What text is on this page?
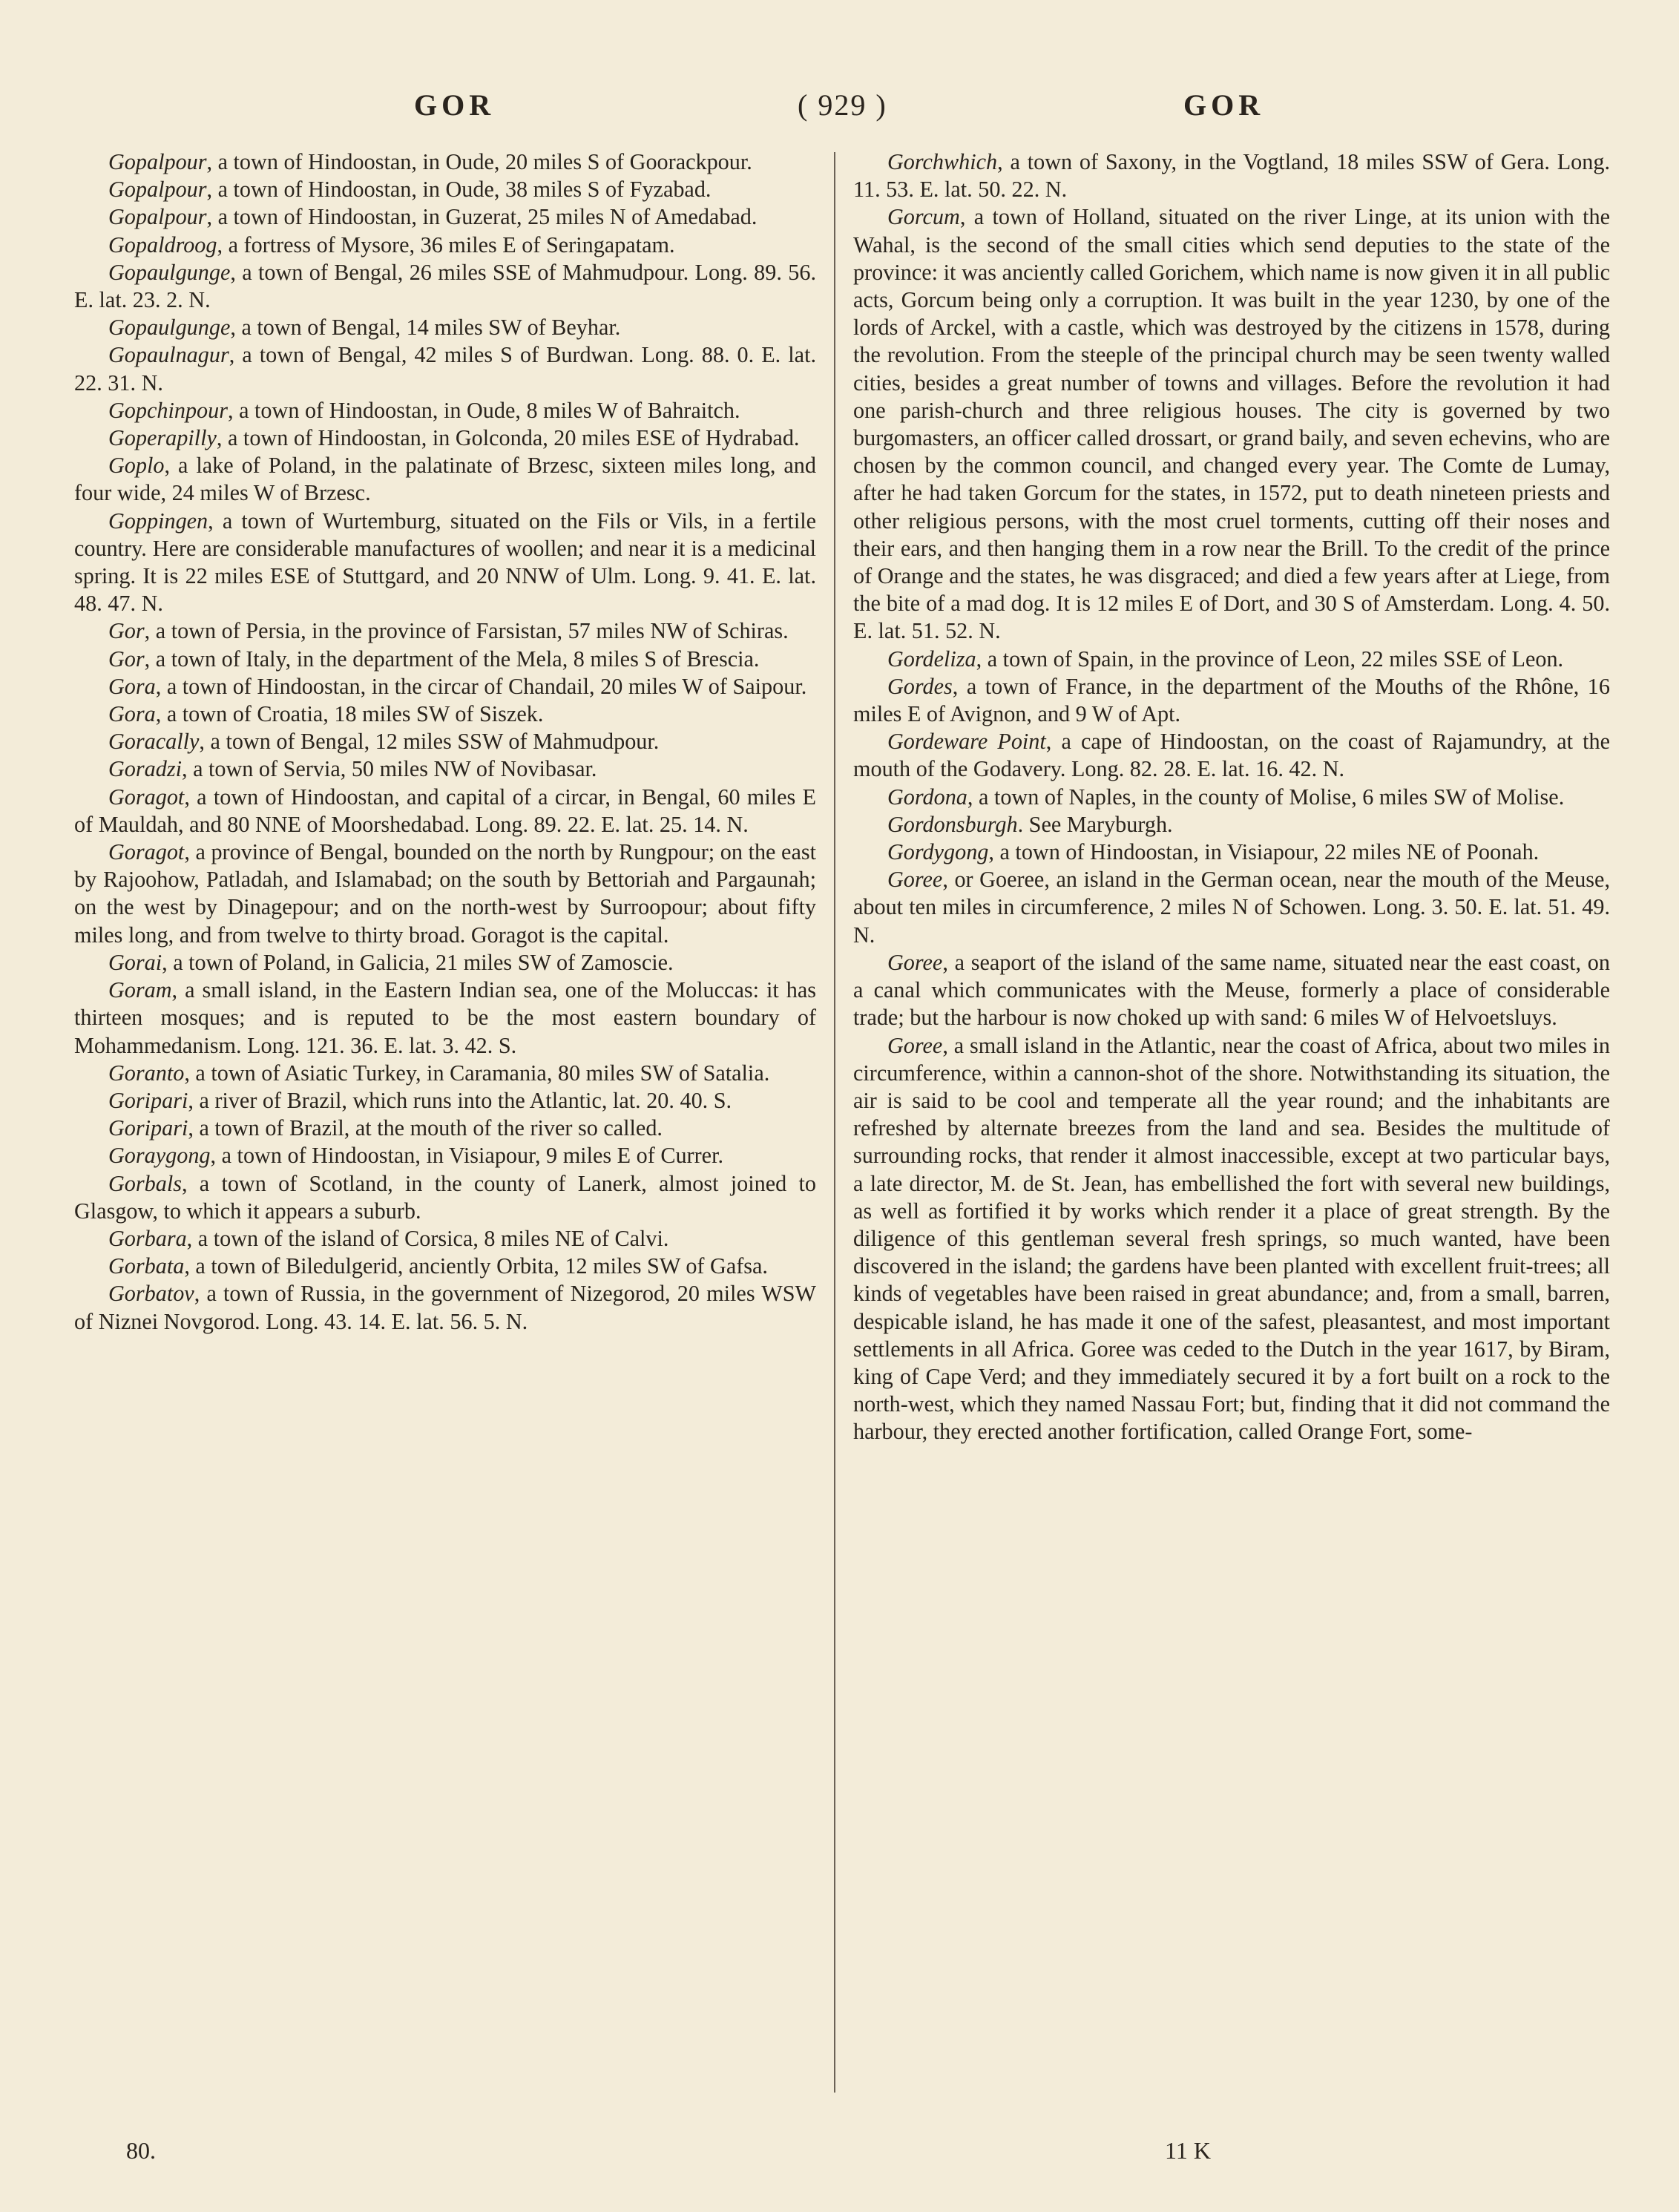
GOR	( 929 )	GOR

Gopalpour, a town of Hindoostan, in Oude, 20 miles S of Goorackpour.

Gopalpour, a town of Hindoostan, in Oude, 38 miles S of Fyzabad.

Gopalpour, a town of Hindoostan, in Guzerat, 25 miles N of Amedabad.

Gopaldroog, a fortress of Mysore, 36 miles E of Seringapatam.

Gopaulgunge, a town of Bengal, 26 miles SSE of Mahmudpour. Long. 89. 56. E. lat. 23. 2. N.

Gopaulgunge, a town of Bengal, 14 miles SW of Beyhar.

Gopaulnagur, a town of Bengal, 42 miles S of Burdwan. Long. 88. 0. E. lat. 22. 31. N.

Gopchinpour, a town of Hindoostan, in Oude, 8 miles W of Bahraitch.

Goperapilly, a town of Hindoostan, in Golconda, 20 miles ESE of Hydrabad.

Goplo, a lake of Poland, in the palatinate of Brzesc, sixteen miles long, and four wide, 24 miles W of Brzesc.

Goppingen, a town of Wurtemburg, situated on the Fils or Vils, in a fertile country. Here are considerable manufactures of woollen; and near it is a medicinal spring. It is 22 miles ESE of Stuttgard, and 20 NNW of Ulm. Long. 9. 41. E. lat. 48. 47. N.

Gor, a town of Persia, in the province of Farsistan, 57 miles NW of Schiras.

Gor, a town of Italy, in the department of the Mela, 8 miles S of Brescia.

Gora, a town of Hindoostan, in the circar of Chandail, 20 miles W of Saipour.

Gora, a town of Croatia, 18 miles SW of Siszek.

Goracally, a town of Bengal, 12 miles SSW of Mahmudpour.

Goradzi, a town of Servia, 50 miles NW of Novibasar.

Goragot, a town of Hindoostan, and capital of a circar, in Bengal, 60 miles E of Mauldah, and 80 NNE of Moorshedabad. Long. 89. 22. E. lat. 25. 14. N.

Goragot, a province of Bengal, bounded on the north by Rungpour; on the east by Rajoohow, Patladah, and Islamabad; on the south by Bettoriah and Pargaunah; on the west by Dinagepour; and on the north-west by Surroopour; about fifty miles long, and from twelve to thirty broad. Goragot is the capital.

Gorai, a town of Poland, in Galicia, 21 miles SW of Zamoscie.

Goram, a small island, in the Eastern Indian sea, one of the Moluccas: it has thirteen mosques; and is reputed to be the most eastern boundary of Mohammedanism. Long. 121. 36. E. lat. 3. 42. S.

Goranto, a town of Asiatic Turkey, in Caramania, 80 miles SW of Satalia.

Goripari, a river of Brazil, which runs into the Atlantic, lat. 20. 40. S.

Goripari, a town of Brazil, at the mouth of the river so called.

Goraygong, a town of Hindoostan, in Visiapour, 9 miles E of Currer.

Gorbals, a town of Scotland, in the county of Lanerk, almost joined to Glasgow, to which it appears a suburb.

Gorbara, a town of the island of Corsica, 8 miles NE of Calvi.

Gorbata, a town of Biledulgerid, anciently Orbita, 12 miles SW of Gafsa.

Gorbatov, a town of Russia, in the government of Nizegorod, 20 miles WSW of Niznei Novgorod. Long. 43. 14. E. lat. 56. 5. N.

Gorchwhich, a town of Saxony, in the Vogtland, 18 miles SSW of Gera. Long. 11. 53. E. lat. 50. 22. N.

Gorcum, a town of Holland, situated on the river Linge, at its union with the Wahal, is the second of the small cities which send deputies to the state of the province: it was anciently called Gorichem, which name is now given it in all public acts, Gorcum being only a corruption. It was built in the year 1230, by one of the lords of Arckel, with a castle, which was destroyed by the citizens in 1578, during the revolution. From the steeple of the principal church may be seen twenty walled cities, besides a great number of towns and villages. Before the revolution it had one parish-church and three religious houses. The city is governed by two burgomasters, an officer called drossart, or grand baily, and seven echevins, who are chosen by the common council, and changed every year. The Comte de Lumay, after he had taken Gorcum for the states, in 1572, put to death nineteen priests and other religious persons, with the most cruel torments, cutting off their noses and their ears, and then hanging them in a row near the Brill. To the credit of the prince of Orange and the states, he was disgraced; and died a few years after at Liege, from the bite of a mad dog. It is 12 miles E of Dort, and 30 S of Amsterdam. Long. 4. 50. E. lat. 51. 52. N.

Gordeliza, a town of Spain, in the province of Leon, 22 miles SSE of Leon.

Gordes, a town of France, in the department of the Mouths of the Rhône, 16 miles E of Avignon, and 9 W of Apt.

Gordeware Point, a cape of Hindoostan, on the coast of Rajamundry, at the mouth of the Godavery. Long. 82. 28. E. lat. 16. 42. N.

Gordona, a town of Naples, in the county of Molise, 6 miles SW of Molise.

Gordonsburgh. See Maryburgh.

Gordygong, a town of Hindoostan, in Visiapour, 22 miles NE of Poonah.

Goree, or Goeree, an island in the German ocean, near the mouth of the Meuse, about ten miles in circumference, 2 miles N of Schowen. Long. 3. 50. E. lat. 51. 49. N.

Goree, a seaport of the island of the same name, situated near the east coast, on a canal which communicates with the Meuse, formerly a place of considerable trade; but the harbour is now choked up with sand: 6 miles W of Helvoetsluys.

Goree, a small island in the Atlantic, near the coast of Africa, about two miles in circumference, within a cannon-shot of the shore. Notwithstanding its situation, the air is said to be cool and temperate all the year round; and the inhabitants are refreshed by alternate breezes from the land and sea. Besides the multitude of surrounding rocks, that render it almost inaccessible, except at two particular bays, a late director, M. de St. Jean, has embellished the fort with several new buildings, as well as fortified it by works which render it a place of great strength. By the diligence of this gentleman several fresh springs, so much wanted, have been discovered in the island; the gardens have been planted with excellent fruit-trees; all kinds of vegetables have been raised in great abundance; and, from a small, barren, despicable island, he has made it one of the safest, pleasantest, and most important settlements in all Africa. Goree was ceded to the Dutch in the year 1617, by Biram, king of Cape Verd; and they immediately secured it by a fort built on a rock to the north-west, which they named Nassau Fort; but, finding that it did not command the harbour, they erected another fortification, called Orange Fort, some-

80.	11 K
